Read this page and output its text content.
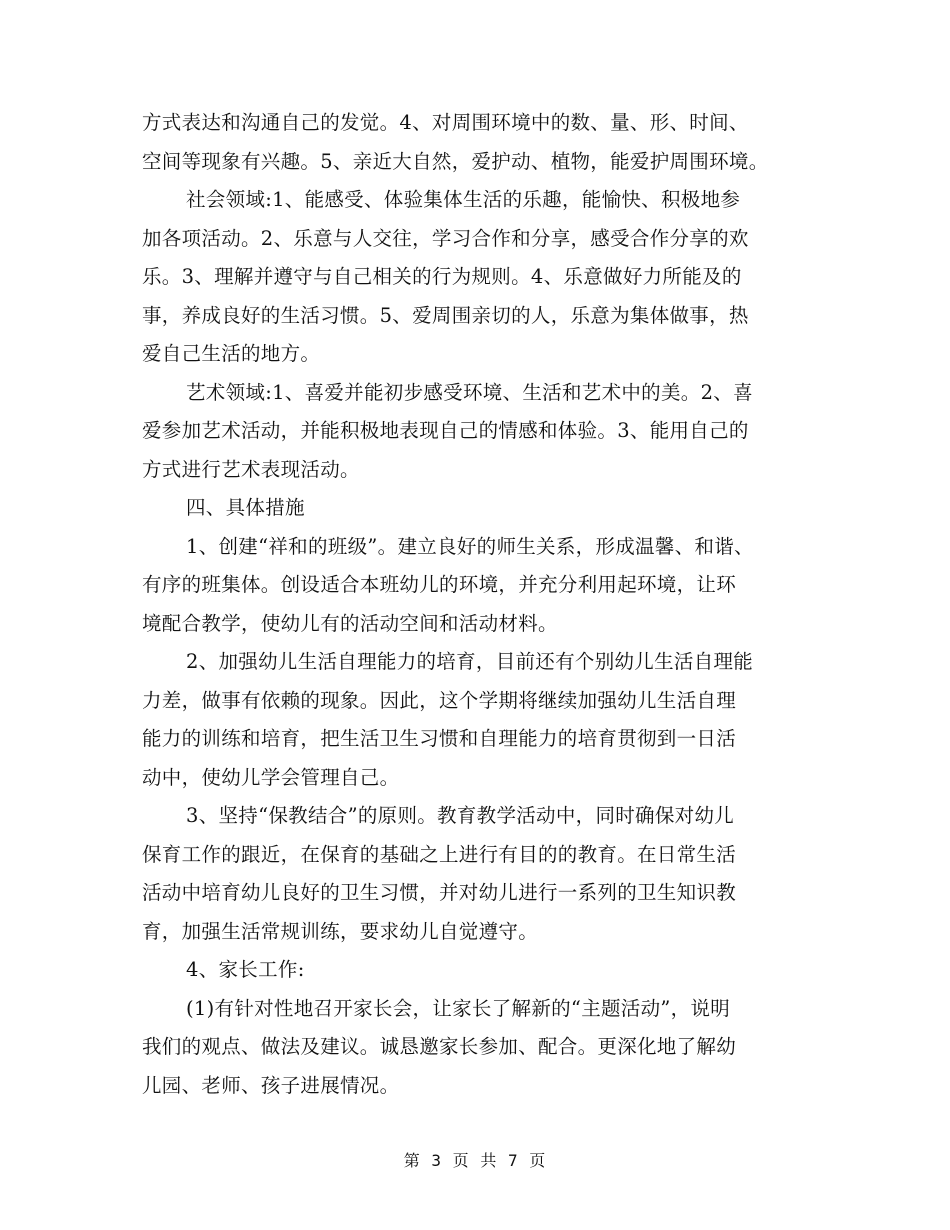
方式表达和沟通自己的发觉。4、对周围环境中的数、量、形、时间、
空间等现象有兴趣。5、亲近大自然，爱护动、植物，能爱护周围环境。
社会领域:1、能感受、体验集体生活的乐趣，能愉快、积极地参
加各项活动。2、乐意与人交往，学习合作和分享，感受合作分享的欢
乐。3、理解并遵守与自己相关的行为规则。4、乐意做好力所能及的
事，养成良好的生活习惯。5、爱周围亲切的人，乐意为集体做事，热
爱自己生活的地方。
艺术领域:1、喜爱并能初步感受环境、生活和艺术中的美。2、喜
爱参加艺术活动，并能积极地表现自己的情感和体验。3、能用自己的
方式进行艺术表现活动。
四、具体措施
1、创建“祥和的班级”。建立良好的师生关系，形成温馨、和谐、
有序的班集体。创设适合本班幼儿的环境，并充分利用起环境，让环
境配合教学，使幼儿有的活动空间和活动材料。
2、加强幼儿生活自理能力的培育，目前还有个别幼儿生活自理能
力差，做事有依赖的现象。因此，这个学期将继续加强幼儿生活自理
能力的训练和培育，把生活卫生习惯和自理能力的培育贯彻到一日活
动中，使幼儿学会管理自己。
3、坚持“保教结合”的原则。教育教学活动中，同时确保对幼儿
保育工作的跟近，在保育的基础之上进行有目的的教育。在日常生活
活动中培育幼儿良好的卫生习惯，并对幼儿进行一系列的卫生知识教
育，加强生活常规训练，要求幼儿自觉遵守。
4、家长工作:
(1)有针对性地召开家长会，让家长了解新的“主题活动”，说明
我们的观点、做法及建议。诚恳邀家长参加、配合。更深化地了解幼
儿园、老师、孩子进展情况。
第 3 页 共 7 页
